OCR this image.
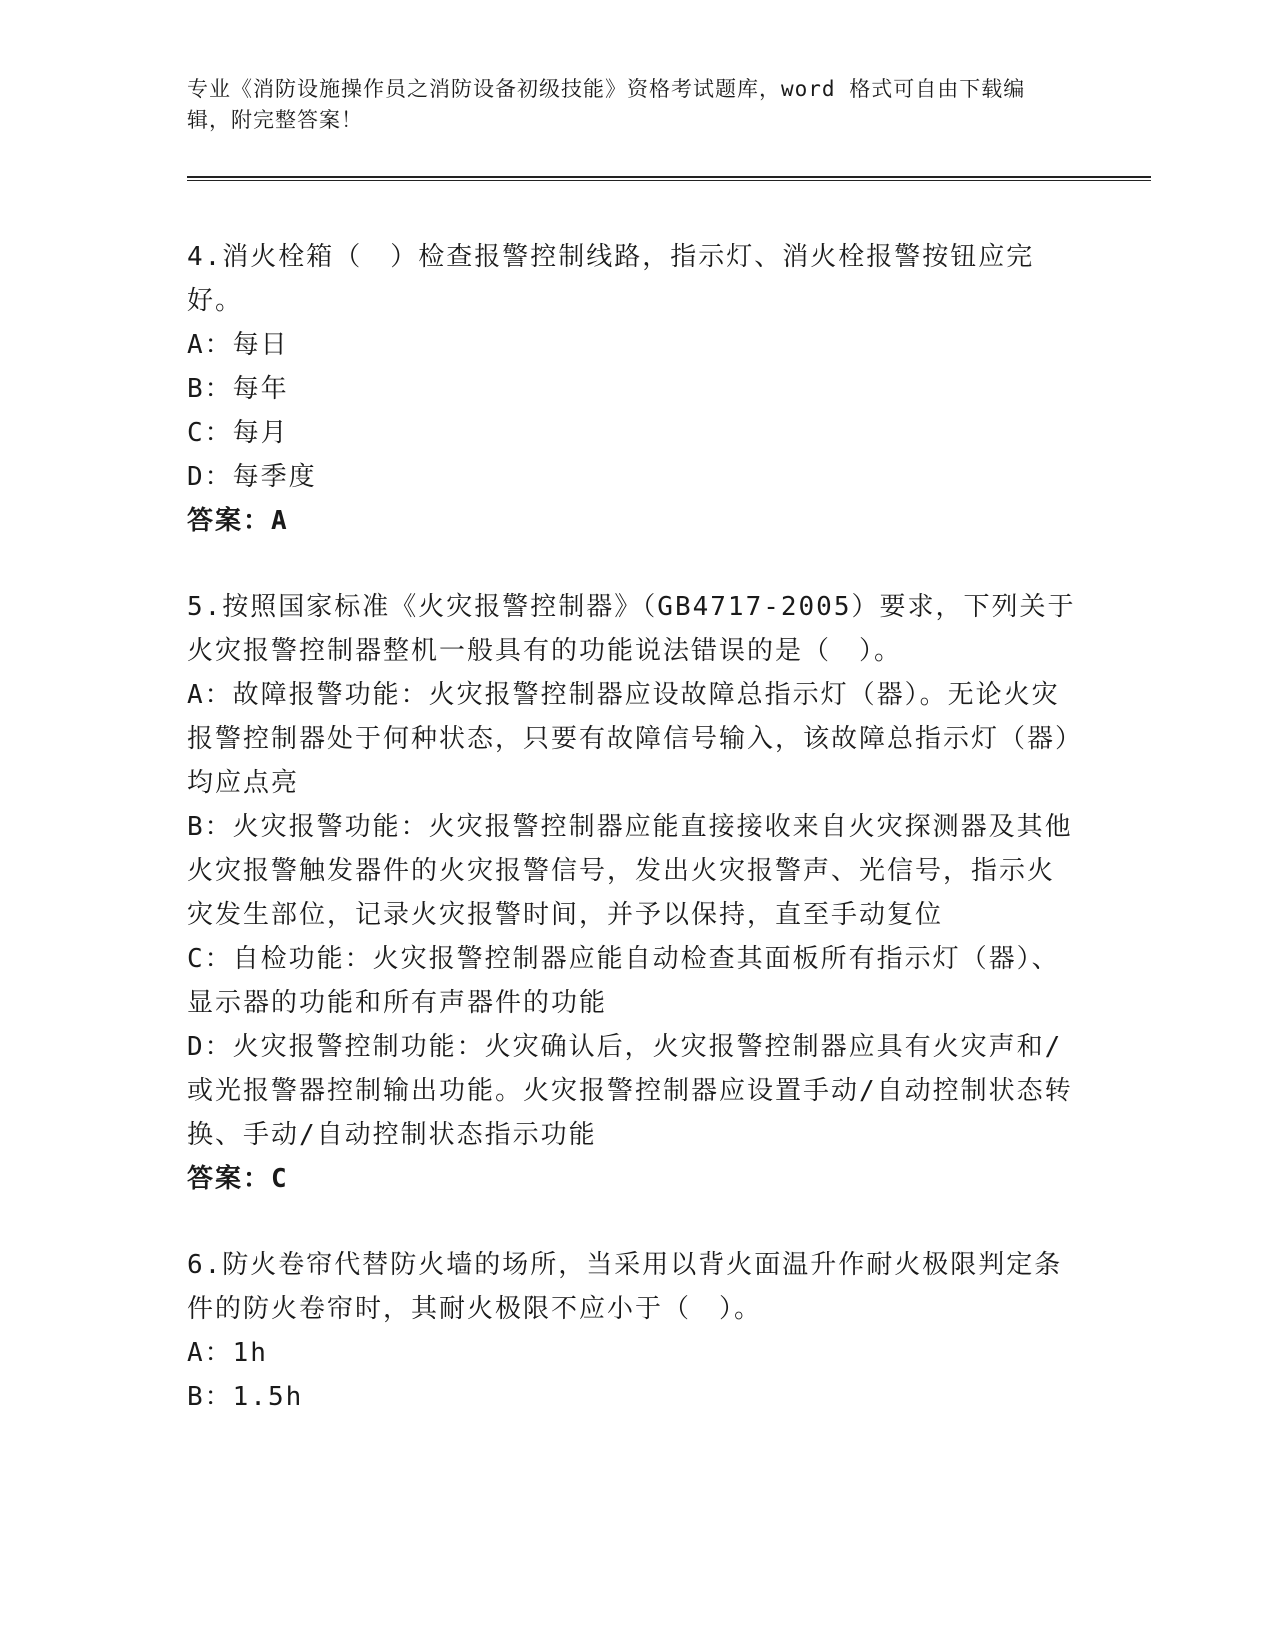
专业《消防设施操作员之消防设备初级技能》资格考试题库，word 格式可自由下载编辑，附完整答案！
4.消火栓箱（　）检查报警控制线路，指示灯、消火栓报警按钮应完好。
A：每日
B：每年
C：每月
D：每季度
答案：A
5.按照国家标准《火灾报警控制器》（GB4717-2005）要求，下列关于火灾报警控制器整机一般具有的功能说法错误的是（　）。
A：故障报警功能：火灾报警控制器应设故障总指示灯（器）。无论火灾报警控制器处于何种状态，只要有故障信号输入，该故障总指示灯（器）均应点亮
B：火灾报警功能：火灾报警控制器应能直接接收来自火灾探测器及其他火灾报警触发器件的火灾报警信号，发出火灾报警声、光信号，指示火灾发生部位，记录火灾报警时间，并予以保持，直至手动复位
C：自检功能：火灾报警控制器应能自动检查其面板所有指示灯（器）、显示器的功能和所有声器件的功能
D：火灾报警控制功能：火灾确认后，火灾报警控制器应具有火灾声和/或光报警器控制输出功能。火灾报警控制器应设置手动/自动控制状态转换、手动/自动控制状态指示功能
答案：C
6.防火卷帘代替防火墙的场所，当采用以背火面温升作耐火极限判定条件的防火卷帘时，其耐火极限不应小于（　）。
A：1h
B：1.5h
